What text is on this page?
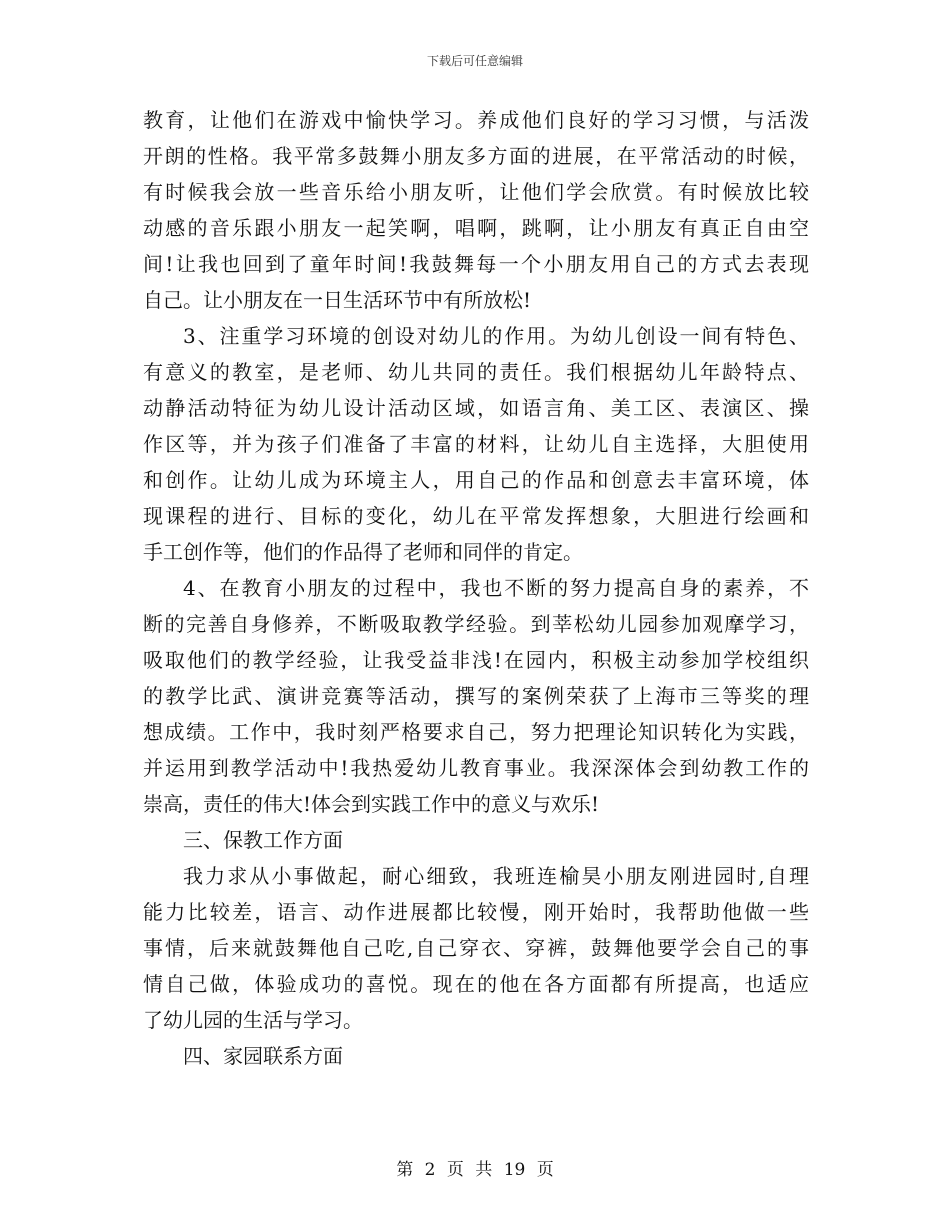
下载后可任意编辑
教育，让他们在游戏中愉快学习。养成他们良好的学习习惯，与活泼
开朗的性格。我平常多鼓舞小朋友多方面的进展，在平常活动的时候，
有时候我会放一些音乐给小朋友听，让他们学会欣赏。有时候放比较
动感的音乐跟小朋友一起笑啊，唱啊，跳啊，让小朋友有真正自由空
间!让我也回到了童年时间!我鼓舞每一个小朋友用自己的方式去表现
自己。让小朋友在一日生活环节中有所放松!
3、注重学习环境的创设对幼儿的作用。为幼儿创设一间有特色、
有意义的教室，是老师、幼儿共同的责任。我们根据幼儿年龄特点、
动静活动特征为幼儿设计活动区域，如语言角、美工区、表演区、操
作区等，并为孩子们准备了丰富的材料，让幼儿自主选择，大胆使用
和创作。让幼儿成为环境主人，用自己的作品和创意去丰富环境，体
现课程的进行、目标的变化，幼儿在平常发挥想象，大胆进行绘画和
手工创作等，他们的作品得了老师和同伴的肯定。
4、在教育小朋友的过程中，我也不断的努力提高自身的素养，不
断的完善自身修养，不断吸取教学经验。到莘松幼儿园参加观摩学习，
吸取他们的教学经验，让我受益非浅!在园内，积极主动参加学校组织
的教学比武、演讲竞赛等活动，撰写的案例荣获了上海市三等奖的理
想成绩。工作中，我时刻严格要求自己，努力把理论知识转化为实践，
并运用到教学活动中!我热爱幼儿教育事业。我深深体会到幼教工作的
崇高，责任的伟大!体会到实践工作中的意义与欢乐!
三、保教工作方面
我力求从小事做起，耐心细致，我班连榆昊小朋友刚进园时,自理
能力比较差，语言、动作进展都比较慢，刚开始时，我帮助他做一些
事情，后来就鼓舞他自己吃,自己穿衣、穿裤，鼓舞他要学会自己的事
情自己做，体验成功的喜悦。现在的他在各方面都有所提高，也适应
了幼儿园的生活与学习。
四、家园联系方面
第 2 页 共 19 页
